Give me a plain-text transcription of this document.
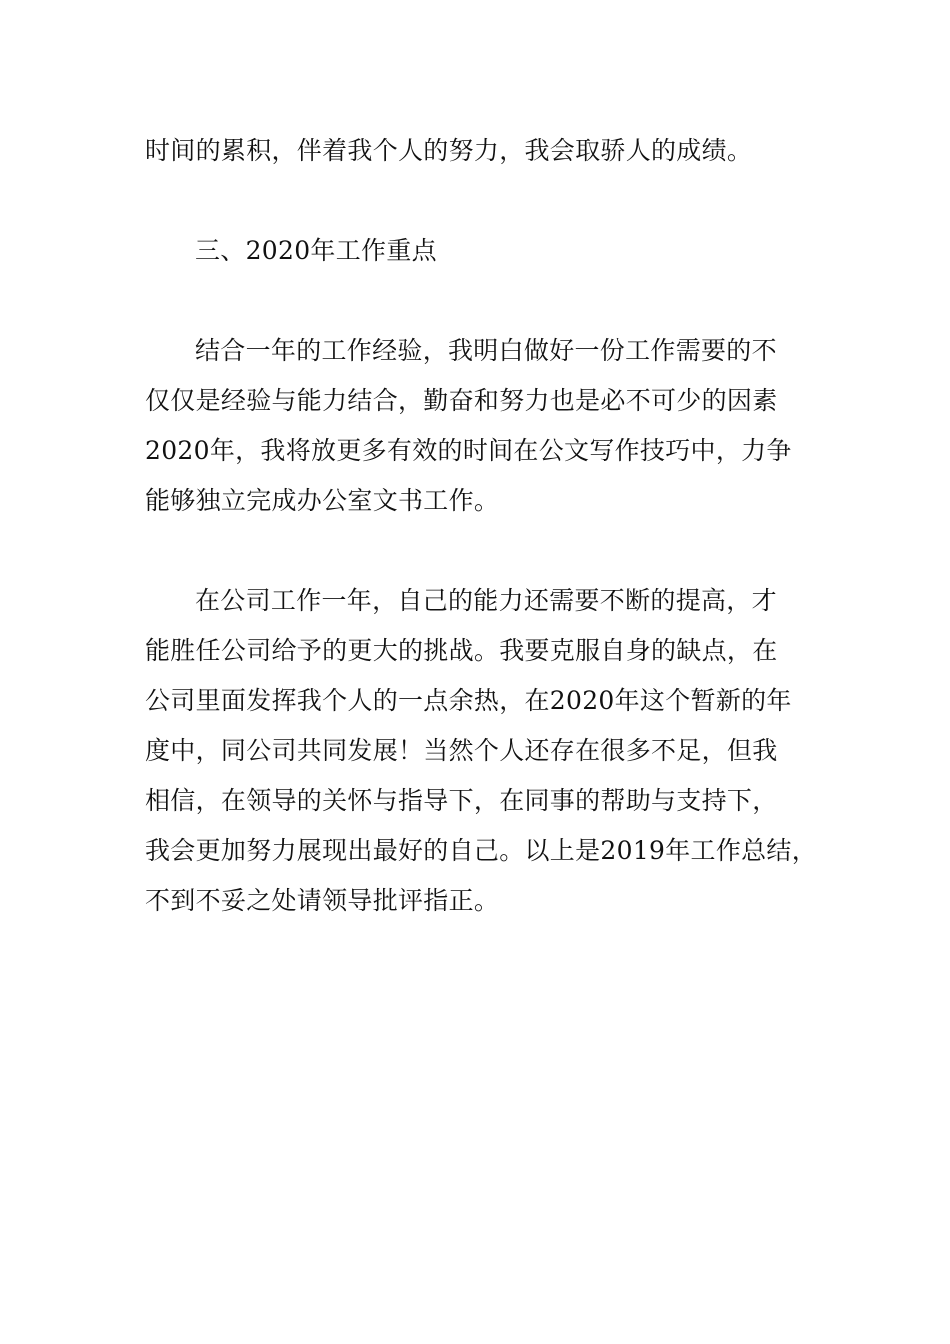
时间的累积，伴着我个人的努力，我会取骄人的成绩。
三、2020年工作重点
结合一年的工作经验，我明白做好一份工作需要的不
仅仅是经验与能力结合，勤奋和努力也是必不可少的因素
2020年，我将放更多有效的时间在公文写作技巧中，力争
能够独立完成办公室文书工作。
在公司工作一年，自己的能力还需要不断的提高，才
能胜任公司给予的更大的挑战。我要克服自身的缺点，在
公司里面发挥我个人的一点余热，在2020年这个暂新的年
度中，同公司共同发展！当然个人还存在很多不足，但我
相信，在领导的关怀与指导下，在同事的帮助与支持下，
我会更加努力展现出最好的自己。以上是2019年工作总结，
不到不妥之处请领导批评指正。
